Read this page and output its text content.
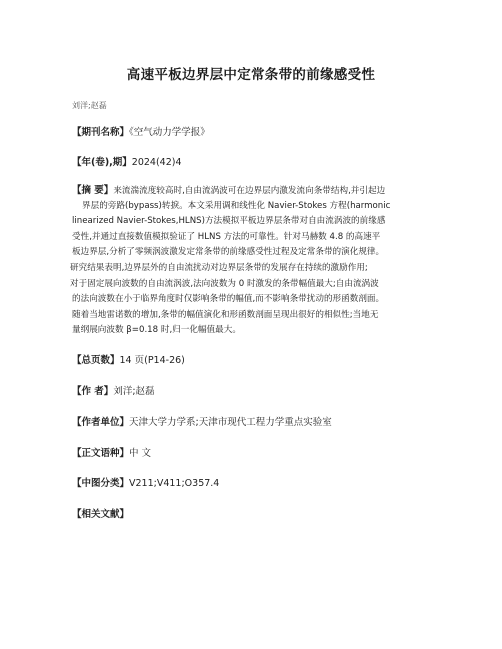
高速平板边界层中定常条带的前缘感受性
刘洋;赵磊
【期刊名称】《空气动力学学报》
【年(卷),期】2024(42)4
【摘 要】来流湍流度较高时,自由流涡波可在边界层内激发流向条带结构,并引起边
界层的旁路(bypass)转捩。本文采用调和线性化 Navier-Stokes 方程(harmonic
linearized Navier-Stokes,HLNS)方法模拟平板边界层条带对自由流涡波的前缘感
受性,并通过直接数值模拟验证了 HLNS 方法的可靠性。针对马赫数 4.8 的高速平
板边界层,分析了零频涡波激发定常条带的前缘感受性过程及定常条带的演化规律。
研究结果表明,边界层外的自由流扰动对边界层条带的发展存在持续的激励作用;
对于固定展向波数的自由流涡波,法向波数为 0 时激发的条带幅值最大;自由流涡波
的法向波数在小于临界角度时仅影响条带的幅值,而不影响条带扰动的形函数剖面。
随着当地雷诺数的增加,条带的幅值演化和形函数剖面呈现出很好的相似性;当地无
量纲展向波数 β=0.18 时,归一化幅值最大。
【总页数】14 页(P14-26)
【作 者】刘洋;赵磊
【作者单位】天津大学力学系;天津市现代工程力学重点实验室
【正文语种】中 文
【中图分类】V211;V411;O357.4
【相关文献】
